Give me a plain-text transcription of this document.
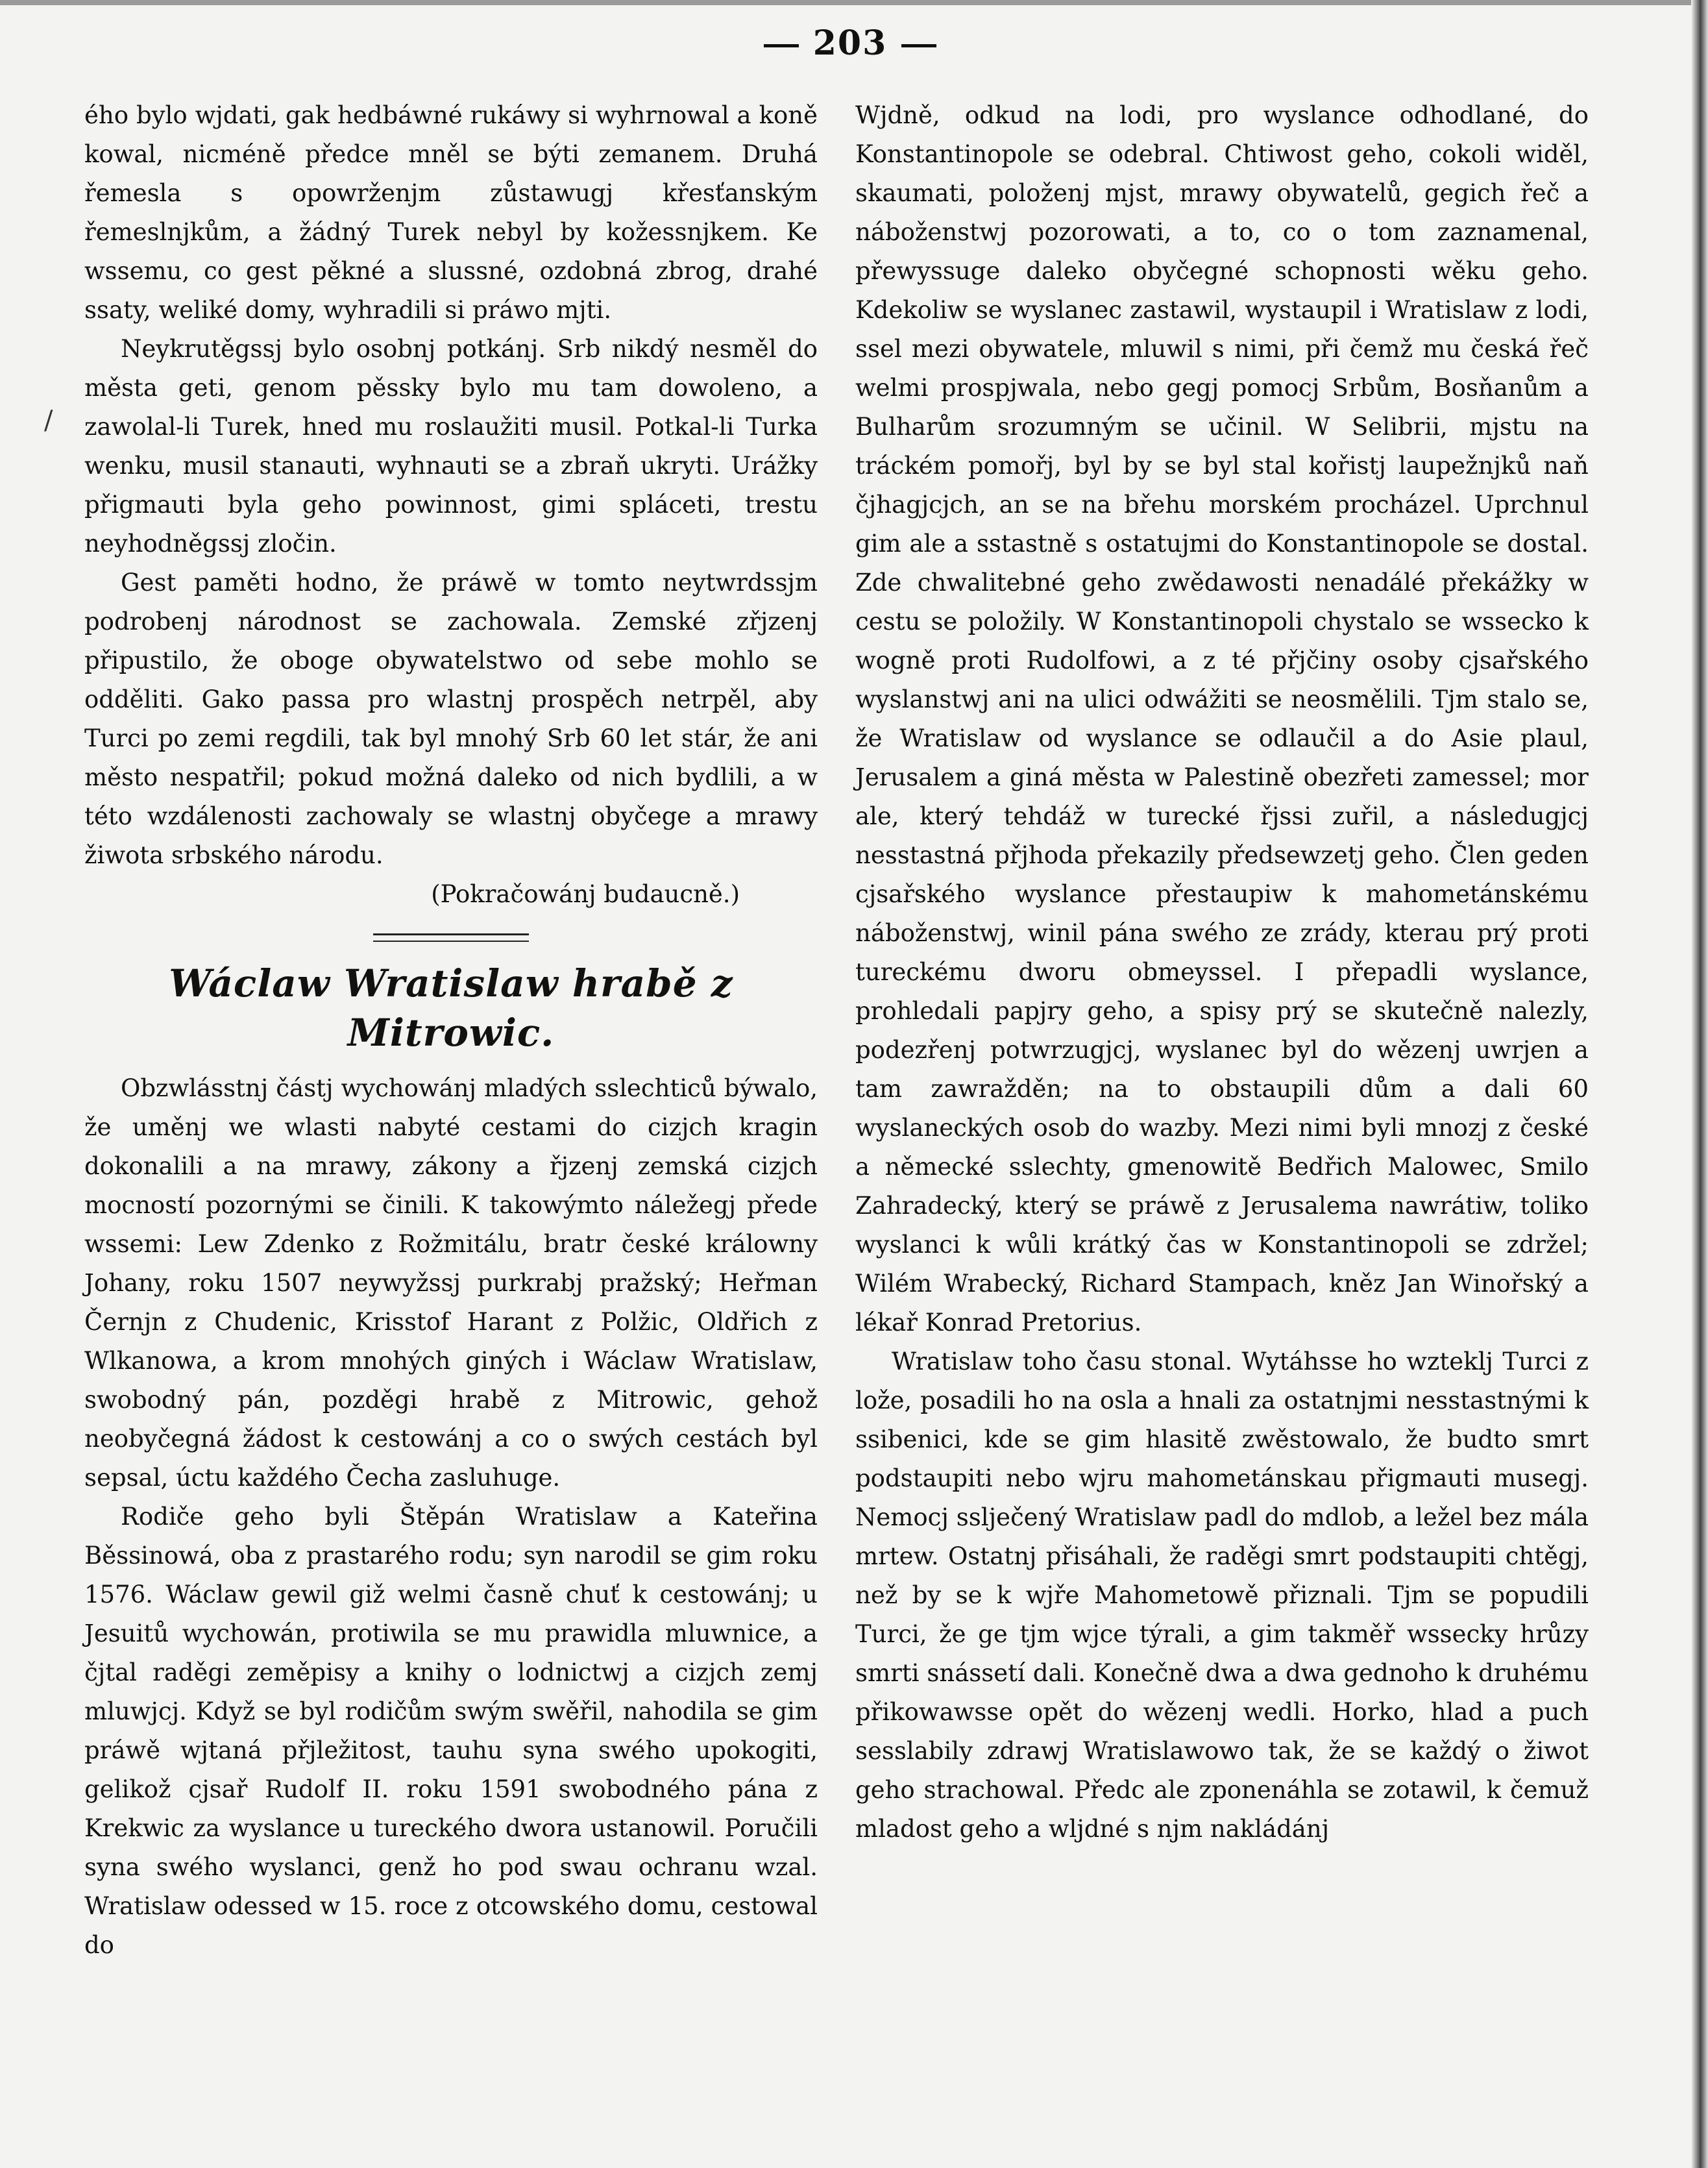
203
/

ého bylo wjdati, gak hedbáwné rukáwy si wyhrnowal a koně kowal, nicméně předce mněl se býti zemanem. Druhá řemesla s opowrženjm zůstawugj křesťanským řemeslnjkům, a žádný Turek nebyl by kožessnjkem. Ke wssemu, co gest pěkné a slussné, ozdobná zbrog, drahé ssaty, weliké domy, wyhradili si práwo mjti.

Neykrutěgssj bylo osobnj potkánj. Srb nikdý nesměl do města geti, genom pěssky bylo mu tam dowoleno, a zawolal-li Turek, hned mu roslaužiti musil. Potkal-li Turka wenku, musil stanauti, wyhnauti se a zbraň ukryti. Urážky přigmauti byla geho powinnost, gimi spláceti, trestu neyhodněgssj zločin.

Gest paměti hodno, že práwě w tomto neytwrdssjm podrobenj národnost se zachowala. Zemské zřjzenj připustilo, že oboge obywatelstwo od sebe mohlo se odděliti. Gako passa pro wlastnj prospěch netrpěl, aby Turci po zemi regdili, tak byl mnohý Srb 60 let stár, že ani město nespatřil; pokud možná daleko od nich bydlili, a w této wzdálenosti zachowaly se wlastnj obyčege a mrawy žiwota srbského národu.

(Pokračowánj budaucně.)

Wáclaw Wratislaw hrabě z Mitrowic.

Obzwlásstnj částj wychowánj mladých sslechticů býwalo, že uměnj we wlasti nabyté cestami do cizjch kragin dokonalili a na mrawy, zákony a řjzenj zemská cizjch mocností pozornými se činili. K takowýmto náležegj přede wssemi: Lew Zdenko z Rožmitálu, bratr české králowny Johany, roku 1507 neywyžssj purkrabj pražský; Heřman Černjn z Chudenic, Krisstof Harant z Polžic, Oldřich z Wlkanowa, a krom mnohých giných i Wáclaw Wratislaw, swobodný pán, pozděgi hrabě z Mitrowic, gehož neobyčegná žádost k cestowánj a co o swých cestách byl sepsal, úctu každého Čecha zasluhuge.

Rodiče geho byli Štěpán Wratislaw a Kateřina Běssinowá, oba z prastarého rodu; syn narodil se gim roku 1576. Wáclaw gewil giž welmi časně chuť k cestowánj; u Jesuitů wychowán, protiwila se mu prawidla mluwnice, a čjtal raděgi zeměpisy a knihy o lodnictwj a cizjch zemj mluwjcj. Když se byl rodičům swým swěřil, nahodila se gim práwě wjtaná přjležitost, tauhu syna swého upokogiti, gelikož cjsař Rudolf II. roku 1591 swobodného pána z Krekwic za wyslance u tureckého dwora ustanowil. Poručili syna swého wyslanci, genž ho pod swau ochranu wzal. Wratislaw odessed w 15. roce z otcowského domu, cestowal do

Wjdně, odkud na lodi, pro wyslance odhodlané, do Konstantinopole se odebral. Chtiwost geho, cokoli widěl, skaumati, položenj mjst, mrawy obywatelů, gegich řeč a náboženstwj pozorowati, a to, co o tom zaznamenal, přewyssuge daleko obyčegné schopnosti wěku geho. Kdekoliw se wyslanec zastawil, wystaupil i Wratislaw z lodi, ssel mezi obywatele, mluwil s nimi, při čemž mu česká řeč welmi prospjwala, nebo gegj pomocj Srbům, Bosňanům a Bulharům srozumným se učinil. W Selibrii, mjstu na tráckém pomořj, byl by se byl stal kořistj laupežnjků naň čjhagjcjch, an se na břehu morském procházel. Uprchnul gim ale a sstastně s ostatujmi do Konstantinopole se dostal. Zde chwalitebné geho zwědawosti nenadálé překážky w cestu se položily. W Konstantinopoli chystalo se wssecko k wogně proti Rudolfowi, a z té přjčiny osoby cjsařského wyslanstwj ani na ulici odwážiti se neosmělili. Tjm stalo se, že Wratislaw od wyslance se odlaučil a do Asie plaul, Jerusalem a giná města w Palestině obezřeti zamessel; mor ale, který tehdáž w turecké řjssi zuřil, a následugjcj nesstastná přjhoda překazily předsewzetj geho. Člen geden cjsařského wyslance přestaupiw k mahometánskému náboženstwj, winil pána swého ze zrády, kterau prý proti tureckému dworu obmeyssel. I přepadli wyslance, prohledali papjry geho, a spisy prý se skutečně nalezly, podezřenj potwrzugjcj, wyslanec byl do wězenj uwrjen a tam zawražděn; na to obstaupili dům a dali 60 wyslaneckých osob do wazby. Mezi nimi byli mnozj z české a německé sslechty, gmenowitě Bedřich Malowec, Smilo Zahradecký, který se práwě z Jerusalema nawrátiw, toliko wyslanci k wůli krátký čas w Konstantinopoli se zdržel; Wilém Wrabecký, Richard Stampach, kněz Jan Winořský a lékař Konrad Pretorius.

Wratislaw toho času stonal. Wytáhsse ho wzteklj Turci z lože, posadili ho na osla a hnali za ostatnjmi nesstastnými k ssibenici, kde se gim hlasitě zwěstowalo, že budto smrt podstaupiti nebo wjru mahometánskau přigmauti musegj. Nemocj sslječený Wratislaw padl do mdlob, a ležel bez mála mrtew. Ostatnj přisáhali, že raděgi smrt podstaupiti chtěgj, než by se k wjře Mahometowě přiznali. Tjm se popudili Turci, že ge tjm wjce týrali, a gim takměř wssecky hrůzy smrti snássetí dali. Konečně dwa a dwa gednoho k druhému přikowawsse opět do wězenj wedli. Horko, hlad a puch sesslabily zdrawj Wratislawowo tak, že se každý o žiwot geho strachowal. Předc ale zponenáhla se zotawil, k čemuž mladost geho a wljdné s njm nakládánj
